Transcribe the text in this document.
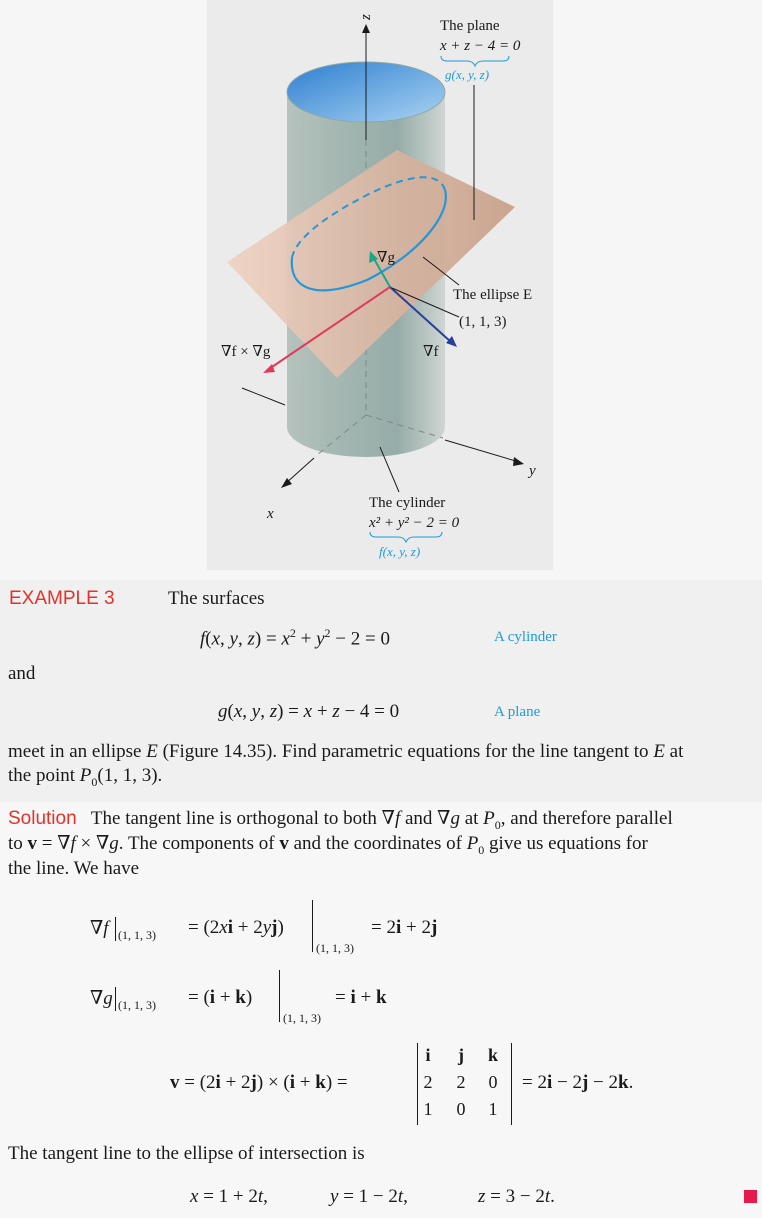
z
x
y
The plane
x + z − 4 = 0
g(x, y, z)
∇g
The ellipse E
(1, 1, 3)
∇f
∇f × ∇g
The cylinder
x² + y² − 2 = 0
f(x, y, z)
EXAMPLE 3	The surfaces
f(x, y, $z) = x^2 + y^2 - 2 = 0$	A cylinder
and
g(x, y, z) = x + z − 4 = 0	A plane
meet in an ellipse E (Figure 14.35). Find parametric equations for the line tangent to E at
the point $P_0(1$, 1, 3).
Solution   The tangent line is orthogonal to both ∇f and ∇g at $P_0$, and therefore parallel
to v = ∇f × ∇g. The components of v and the coordinates of $P_0$ give us equations for
the line. We have
∇f (1, 1, 3) = (2xi + 2yj)
(1, 1, 3)
= 2i + 2j
∇g (1, 1, 3) = (i + k)
(1, 1, 3)
= i + k
v = (2i + 2j) × (i + k) =
i	j	k
2	2	0
1	0	1
= 2i − 2j − 2k.
The tangent line to the ellipse of intersection is
x = 1 + 2t,	y = 1 − 2t,	z = 3 − 2t.
